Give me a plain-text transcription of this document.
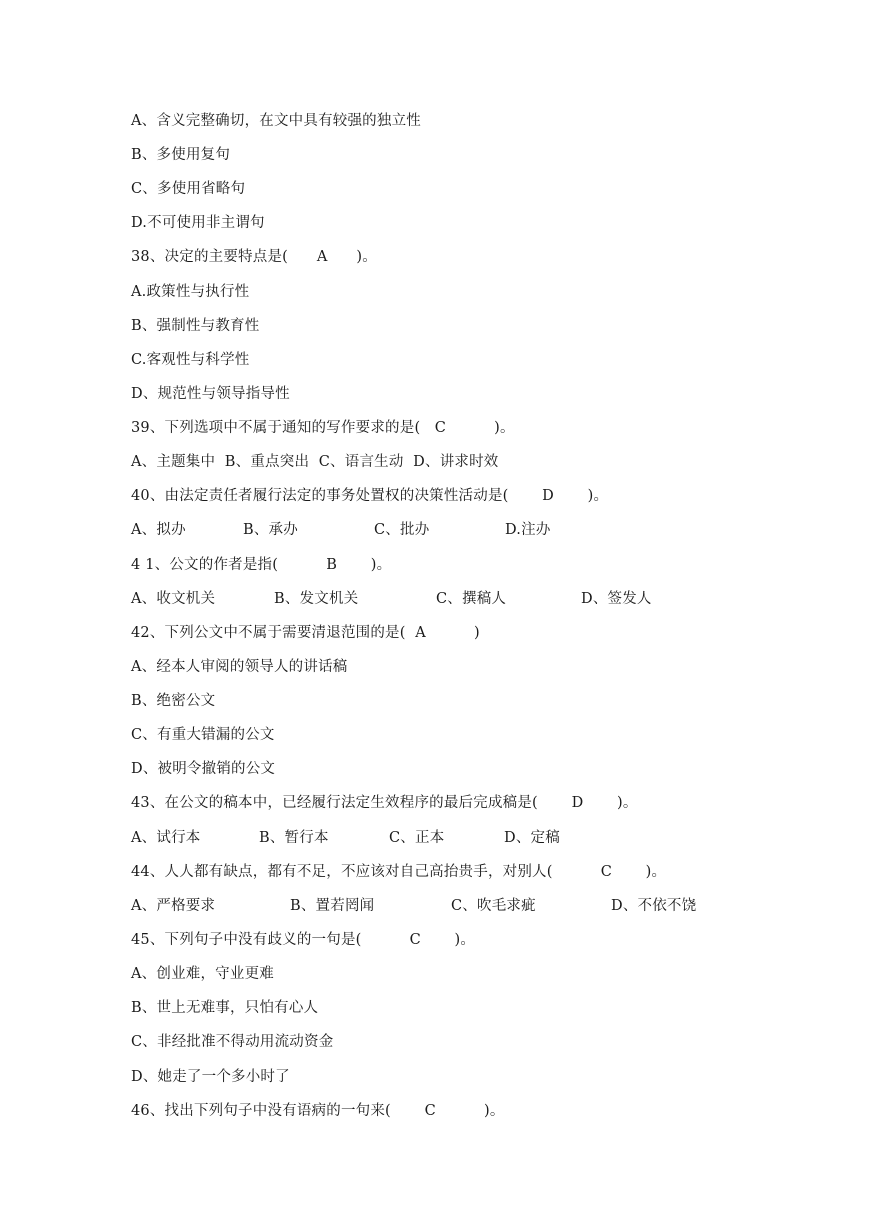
A、含义完整确切，在文中具有较强的独立性
B、多使用复句
C、多使用省略句
D.不可使用非主谓句
38、决定的主要特点是(      A      )。
A.政策性与执行性
B、强制性与教育性
C.客观性与科学性
D、规范性与领导指导性
39、下列选项中不属于通知的写作要求的是(   C          )。
A、主题集中  B、重点突出  C、语言生动  D、讲求时效
40、由法定责任者履行法定的事务处置权的决策性活动是(       D       )。

A、拟办

	B、承办

	C、批办

	D.注办

4 1、公文的作者是指(          B       )。

A、收文机关

	B、发文机关

	C、撰稿人

	D、签发人

42、下列公文中不属于需要清退范围的是(  A          )
A、经本人审阅的领导人的讲话稿
B、绝密公文
C、有重大错漏的公文
D、被明令撤销的公文
43、在公文的稿本中，已经履行法定生效程序的最后完成稿是(       D       )。

A、试行本

	B、暂行本

	C、正本

	D、定稿

44、人人都有缺点，都有不足，不应该对自己高抬贵手，对别人(          C       )。

A、严格要求

	B、置若罔闻

	C、吹毛求疵

	D、不依不饶

45、下列句子中没有歧义的一句是(          C       )。
A、创业难，守业更难
B、世上无难事，只怕有心人
C、非经批准不得动用流动资金
D、她走了一个多小时了
46、找出下列句子中没有语病的一句来(       C          )。
